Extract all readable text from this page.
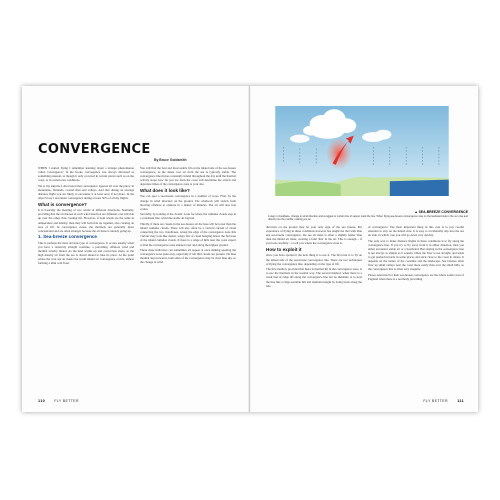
CONVERGENCE
By Bruce Goldsmith

WHEN I started flying I remember learning about a strange phenomenon called 'convergence'. In the books, convergence was always discussed as something unusual, as though it only occurred in certain places such as on the coast, or in certain rare conditions.

Yet to my surprise I discovered that convergence appears all over the place: in mountains, flatlands, coastal sites and valleys. And that during an average distance flight you are likely to encounter it at least once if not more. In the Alps I'd say I encounter convergence during at least 50% of all my flights.

What is convergence?

It is basically the meeting of two winds of different directions. Normally, providing that the air masses in each wind direction are different, one will ride up over the other, thus creating lift. However, if both winds are the same in temperature and density, then they will both ride up together, also creating an area of lift. In convergence zones, the thermals are generally more concentrated and are often stronger because the air mass is already going up.

1. Sea-breeze convergence

This is perhaps the most obvious type of convergence. It occurs usually when you have a relatively straight coastline, a prevailing, offshore wind and thermal activity inland. As the land warms up and convection starts, so the high density air from the sea is drawn inland to take its place. At the point where the cool sea air meets the warm inland air convergence occurs, almost forming a mini cold front.

You will find the best and most usable lift on the inland side of the sea-breeze convergence, as the dense cool air from the sea is typically stable. The convergence line moves constantly inland throughout the day until the thermal activity stops: how far you are from the coast will determine the arrival and departure times of the convergence zone at your site.

What does it look like?

You can spot a sea-breeze convergence in a number of ways. First, by the change in wind direction on the ground. The windsock will switch from blowing offshore to onshore in a matter of minutes. The air will also feel cooler.

Secondly, by looking at the clouds. Look for where the cumulus clouds stop in a consistent line, with blue stable air beyond.

Thirdly, if there are clouds in the sea-breeze air the base will be lower than the inland cumulus clouds. There will also often be a vertical curtain of cloud connecting the two cloudbases. Along the edge of the convergence zone this 'curtain' may look like darker, wispy bits of cloud hanging below the flat base of the inland cumulus clouds. If there is a range of hills near the coast expect to find the convergence zone situated over and along the highest ground.

These three indicators can sometimes all appear at once making spotting the convergence zone quite easy, especially if tall thin clouds are present. On blue thermal days however, both sides of the convergence may be clear blue sky, so the change in wind

110	FLY BETTER
▲ SEA-BREEZE CONVERGENCE
A step in cloudbase, change in wind direction and a ragged or curtain line of vapour mark the line. When flying sea-breeze convergence stay on the landward side in the sun rise and directly into the marble, making you an

direction on the ground may be your only sign of the sea breeze. My experience of flying in these conditions however has taught me that with blue sky sea-breeze convergence, the sea air mass is often a slightly hazier blue than the inland air mass, creating a faint 'line' in the air. This is enough – if you look carefully – to tell you where the convergence zone is.

How to exploit it

Once you have spotted it the next thing is to use it. The first rule is to fly on the inland side of the sea-breeze convergence line. There are two techniques of flying the convergence line, depending on the type of lift.

The first method, provided that there is thermal lift in the convergence zone, is to use the thermals in the normal way. The second method, when there is a weak line of ridge lift along the convergence line but no thermals, is to treat the line like a ridge-soarable hill and maintain height by doing beats along the line

of convergence. The most important thing in this case is to pay careful attention to stay on the inland side. It is easy to accidentally slip into the sea air side, in which case you will go down very quickly.

The only way to make distance flights in these conditions is to fly along the convergence line. If you try to fly away from it in either direction, then you either encounter stable air or a headwind. But staying in the convergence line is not always as simple as it sounds. Often the 'line' is not straight, and tends to get pushed inwards in some places and stick close to the coast in others. It depends on the nature of the coastline and the landscape. Sea breezes often flow up small valleys near the coast more easily than over the small hills, so the convergence line is often very irregular.

Places renowned for their sea-breeze convergence are the whole south coast of England when there is a northerly prevailing

FLY BETTER 111
